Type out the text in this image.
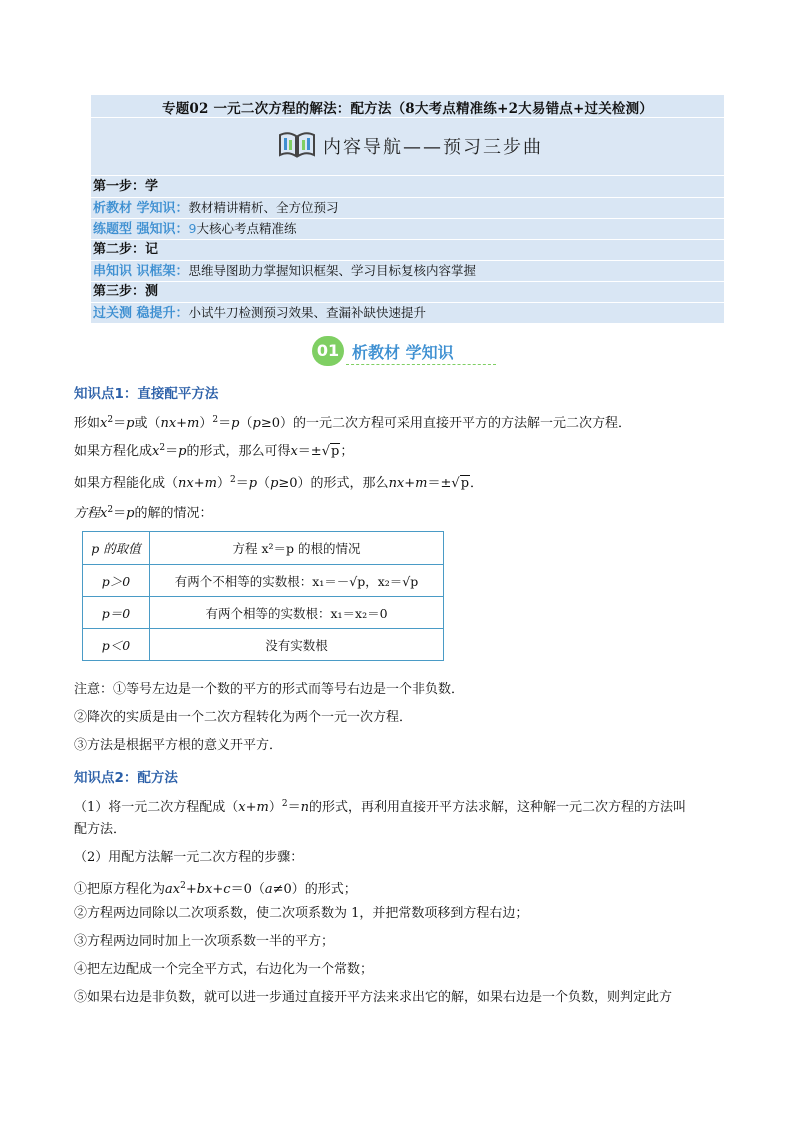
专题02 一元二次方程的解法：配方法（8大考点精准练+2大易错点+过关检测）
内容导航——预习三步曲
第一步：学
析教材 学知识：教材精讲精析、全方位预习
练题型 强知识：9大核心考点精准练
第二步：记
串知识 识框架：思维导图助力掌握知识框架、学习目标复核内容掌握
第三步：测
过关测 稳提升：小试牛刀检测预习效果、查漏补缺快速提升
01 析教材 学知识
知识点1：直接配平方法
形如$x^2=p$或$(nx+m)^2=p(p\ge 0)$的一元二次方程可采用直接开平方的方法解一元二次方程．
如果方程化成$x^2=p$的形式，那么可得x＝±√p；
如果方程能化成$(nx+m)^2=p(p\ge 0)$的形式，那么nx+m＝±√p．
方程$x^2=p$的解的情况：
p 的取值	方程 x²＝p 的根的情况
p＞0	有两个不相等的实数根：x₁＝－√p，x₂＝√p
p＝0	有两个相等的实数根：x₁＝x₂＝0
p＜0	没有实数根
注意：①等号左边是一个数的平方的形式而等号右边是一个非负数．
②降次的实质是由一个二次方程转化为两个一元一次方程．
③方法是根据平方根的意义开平方．
知识点2：配方法
（1）将一元二次方程配成$(x+m)^2=n$的形式，再利用直接开平方法求解，这种解一元二次方程的方法叫
配方法．
（2）用配方法解一元二次方程的步骤：
①把原方程化为$ax^2+bx+c=0(a\ne 0)$的形式；
②方程两边同除以二次项系数，使二次项系数为 1，并把常数项移到方程右边；
③方程两边同时加上一次项系数一半的平方；
④把左边配成一个完全平方式，右边化为一个常数；
⑤如果右边是非负数，就可以进一步通过直接开平方法来求出它的解，如果右边是一个负数，则判定此方
